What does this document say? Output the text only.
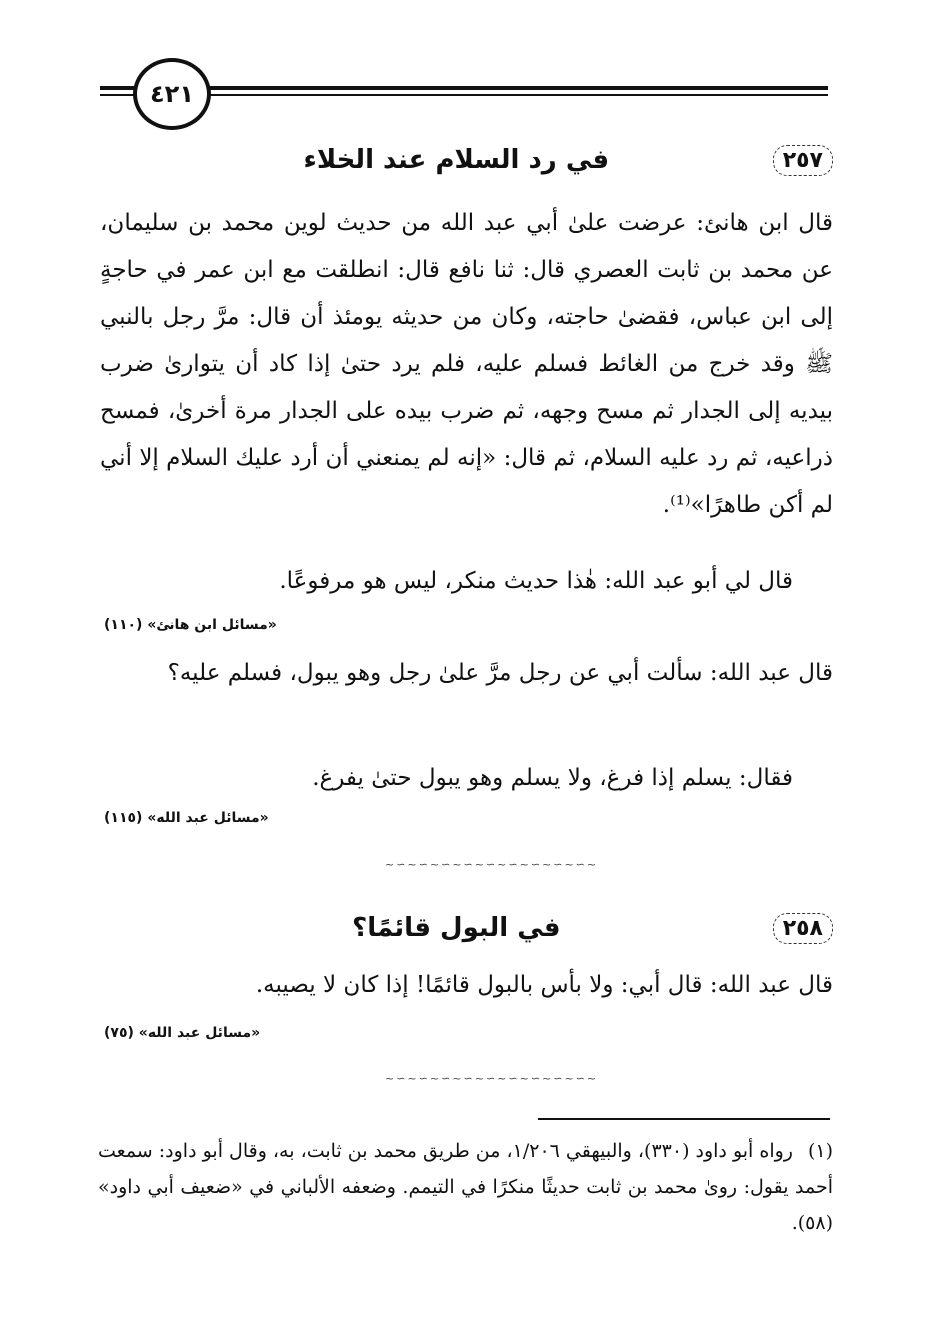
٤٢١
٢٥٧
في رد السلام عند الخلاء
قال ابن هانئ: عرضت علىٰ أبي عبد الله من حديث لوين محمد بن سليمان، عن محمد بن ثابت العصري قال: ثنا نافع قال: انطلقت مع ابن عمر في حاجةٍ إلى ابن عباس، فقضىٰ حاجته، وكان من حديثه يومئذ أن قال: مرَّ رجل بالنبي ﷺ وقد خرج من الغائط فسلم عليه، فلم يرد حتىٰ إذا كاد أن يتوارىٰ ضرب بيديه إلى الجدار ثم مسح وجهه، ثم ضرب بيده على الجدار مرة أخرىٰ، فمسح ذراعيه، ثم رد عليه السلام، ثم قال: «إنه لم يمنعني أن أرد عليك السلام إلا أني لم أكن طاهرًا»⁽¹⁾.
قال لي أبو عبد الله: هٰذا حديث منكر، ليس هو مرفوعًا.
«مسائل ابن هانئ» (١١٠)
قال عبد الله: سألت أبي عن رجل مرَّ علىٰ رجل وهو يبول، فسلم عليه؟
فقال: يسلم إذا فرغ، ولا يسلم وهو يبول حتىٰ يفرغ.
«مسائل عبد الله» (١١٥)
~∽~∽~∽~∽~∽~∽~∽~∽~∽~
٢٥٨
في البول قائمًا؟
قال عبد الله: قال أبي: ولا بأس بالبول قائمًا! إذا كان لا يصيبه.
«مسائل عبد الله» (٧٥)
~∽~∽~∽~∽~∽~∽~∽~∽~∽~
(١) رواه أبو داود (٣٣٠)، والبيهقي ١/٢٠٦، من طريق محمد بن ثابت، به، وقال أبو داود: سمعت أحمد يقول: روىٰ محمد بن ثابت حديثًا منكرًا في التيمم. وضعفه الألباني في «ضعيف أبي داود» (٥٨).
